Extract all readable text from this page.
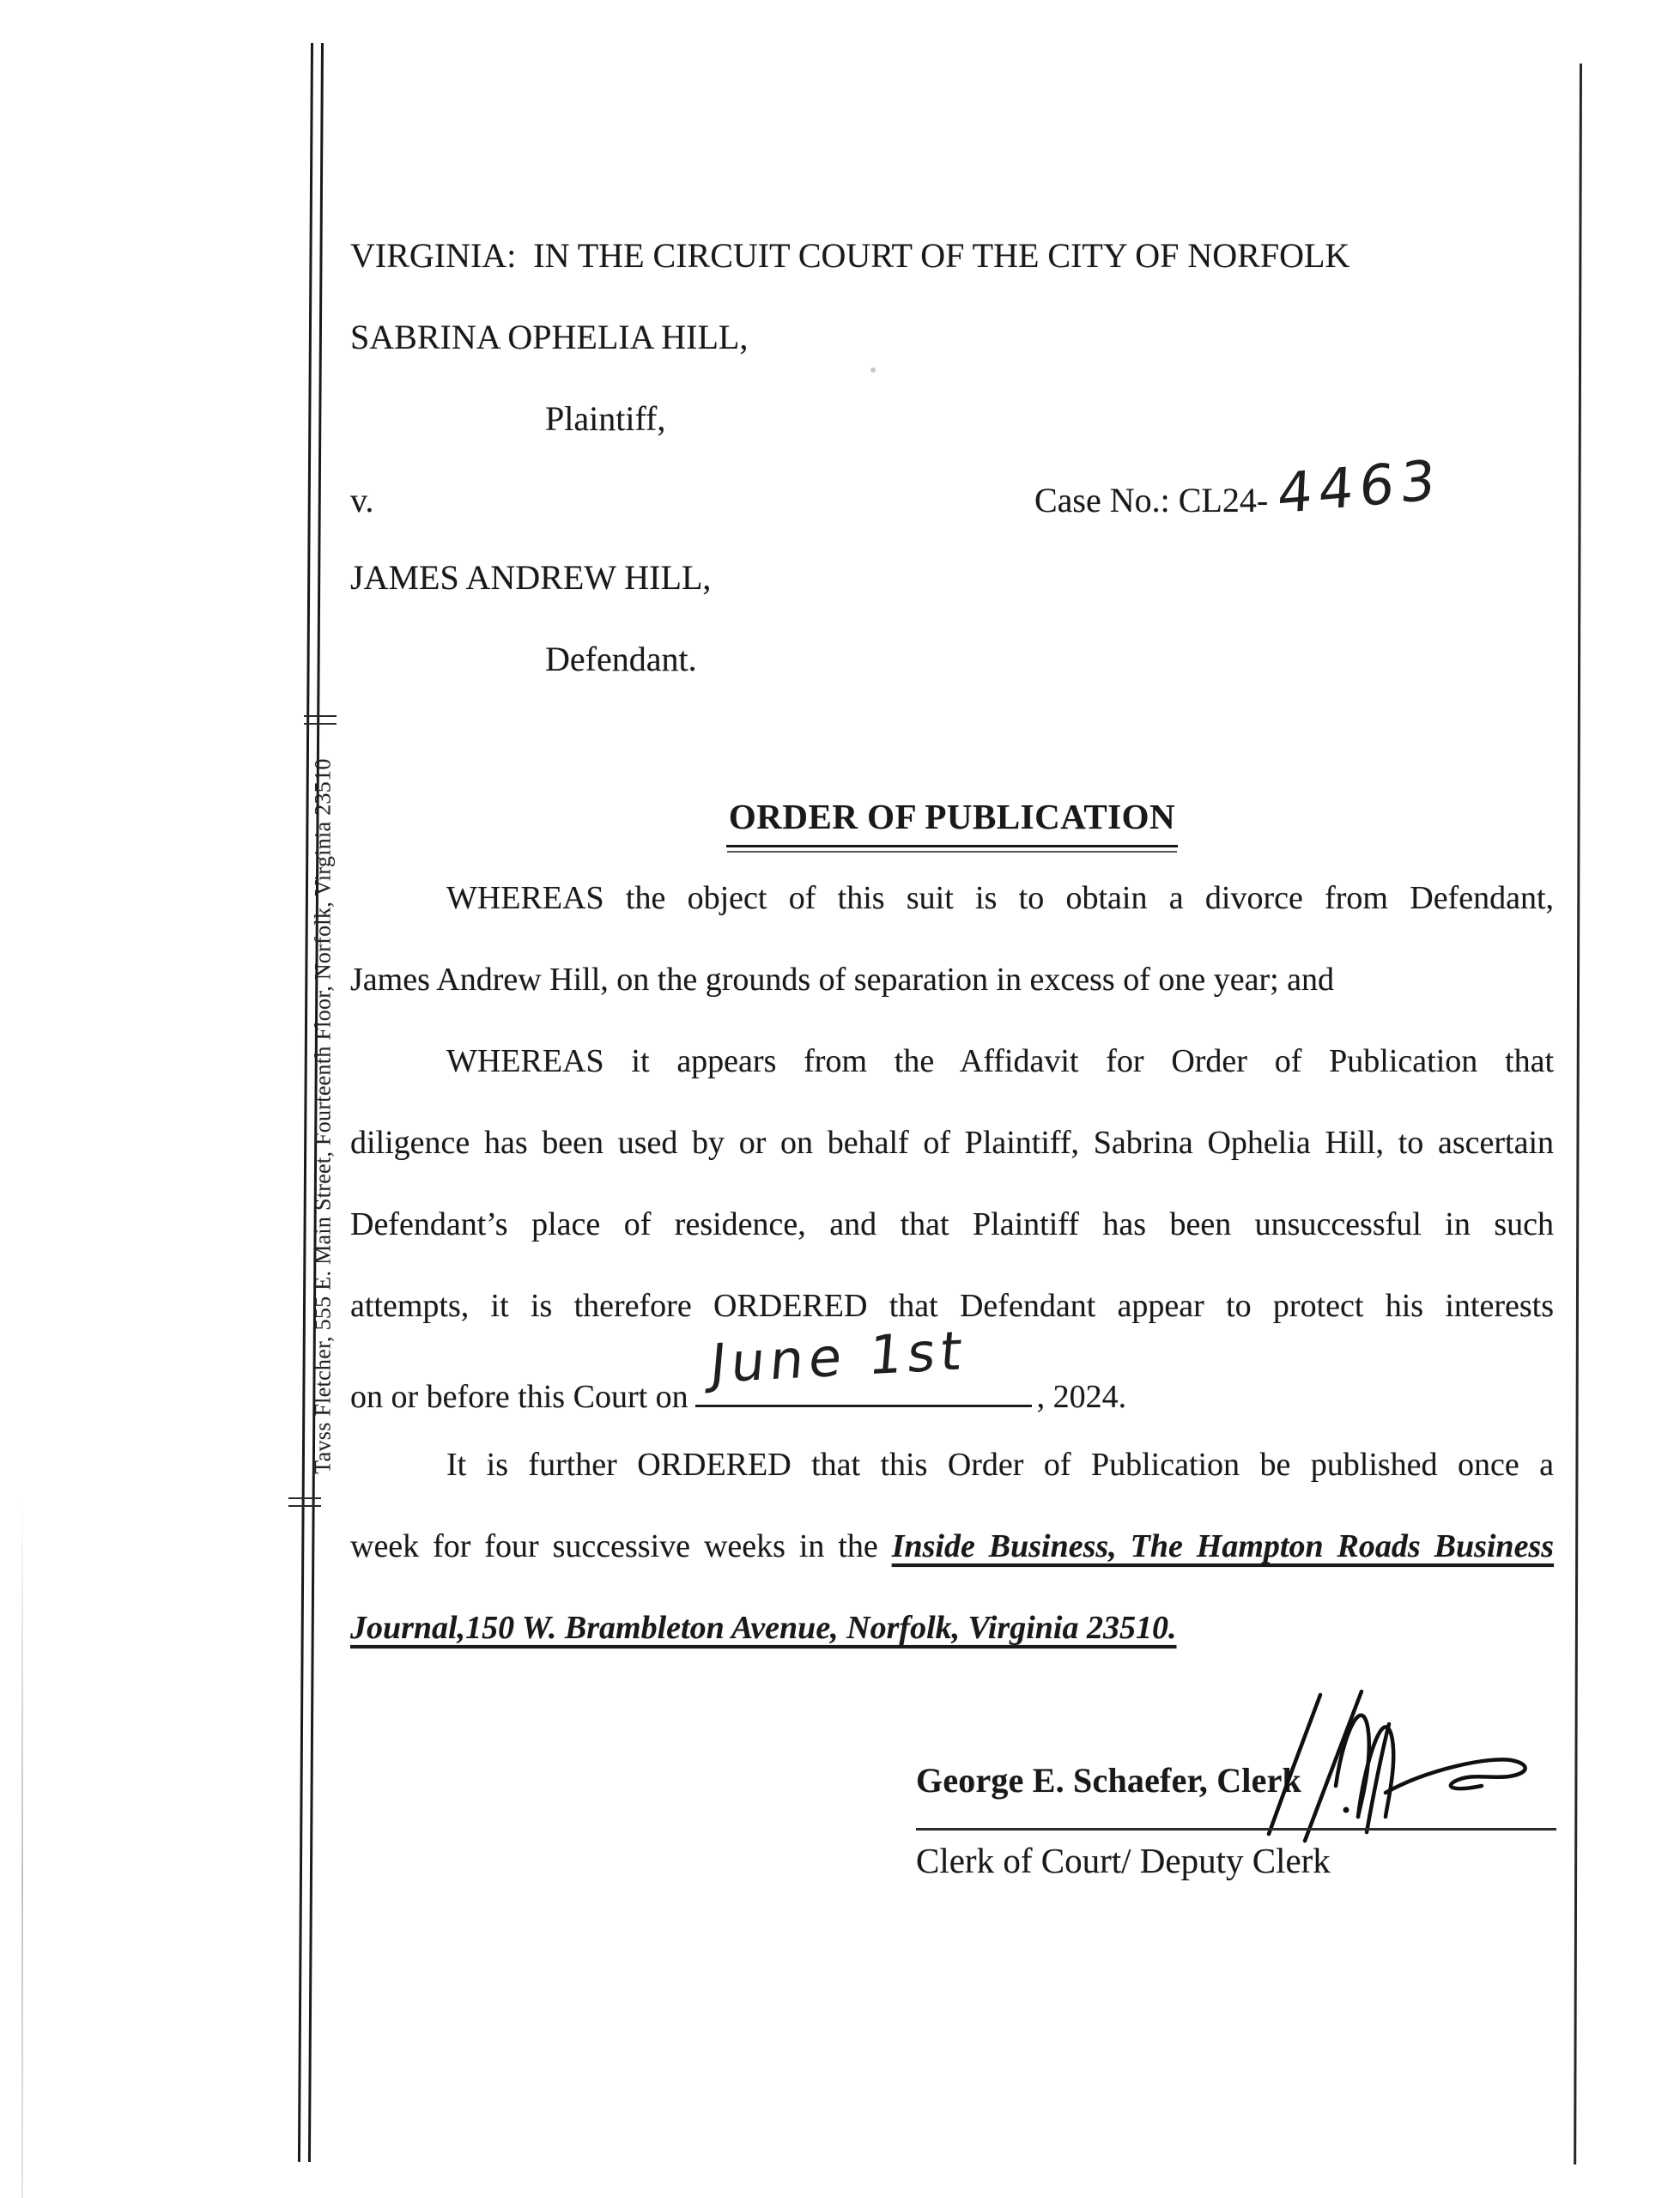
Tavss Fletcher, 555 E. Main Street, Fourteenth Floor, Norfolk, Virginia 23510
VIRGINIA:  IN THE CIRCUIT COURT OF THE CITY OF NORFOLK
SABRINA OPHELIA HILL,
Plaintiff,
v.	Case No.: CL24- 4463
JAMES ANDREW HILL,
Defendant.
ORDER OF PUBLICATION
WHEREAS the object of this suit is to obtain a divorce from Defendant,
James Andrew Hill, on the grounds of separation in excess of one year; and
WHEREAS it appears from the Affidavit for Order of Publication that
diligence has been used by or on behalf of Plaintiff, Sabrina Ophelia Hill, to ascertain
Defendant’s place of residence, and that Plaintiff has been unsuccessful in such
attempts, it is therefore ORDERED that Defendant appear to protect his interests
on or before this Court on
June 1st
, 2024.
It is further ORDERED that this Order of Publication be published once a
week for four successive weeks in the Inside Business, The Hampton Roads Business
Journal,150 W. Brambleton Avenue, Norfolk, Virginia 23510.
George E. Schaefer, Clerk
Clerk of Court/ Deputy Clerk
